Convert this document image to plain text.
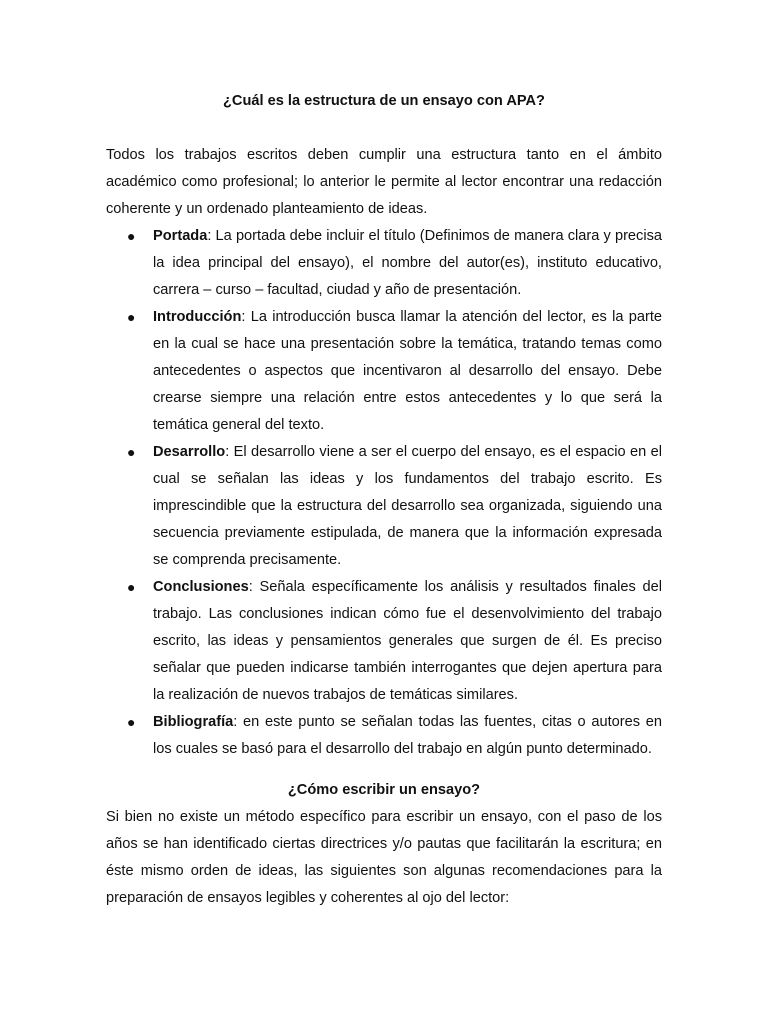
¿Cuál es la estructura de un ensayo con APA?

Todos los trabajos escritos deben cumplir una estructura tanto en el ámbito académico como profesional; lo anterior le permite al lector encontrar una redacción coherente y un ordenado planteamiento de ideas.

● Portada: La portada debe incluir el título (Definimos de manera clara y precisa la idea principal del ensayo), el nombre del autor(es), instituto educativo, carrera – curso – facultad, ciudad y año de presentación.
● Introducción: La introducción busca llamar la atención del lector, es la parte en la cual se hace una presentación sobre la temática, tratando temas como antecedentes o aspectos que incentivaron al desarrollo del ensayo. Debe crearse siempre una relación entre estos antecedentes y lo que será la temática general del texto.
● Desarrollo: El desarrollo viene a ser el cuerpo del ensayo, es el espacio en el cual se señalan las ideas y los fundamentos del trabajo escrito. Es imprescindible que la estructura del desarrollo sea organizada, siguiendo una secuencia previamente estipulada, de manera que la información expresada se comprenda precisamente.
● Conclusiones: Señala específicamente los análisis y resultados finales del trabajo. Las conclusiones indican cómo fue el desenvolvimiento del trabajo escrito, las ideas y pensamientos generales que surgen de él. Es preciso señalar que pueden indicarse también interrogantes que dejen apertura para la realización de nuevos trabajos de temáticas similares.
● Bibliografía: en este punto se señalan todas las fuentes, citas o autores en los cuales se basó para el desarrollo del trabajo en algún punto determinado.

¿Cómo escribir un ensayo?

Si bien no existe un método específico para escribir un ensayo, con el paso de los años se han identificado ciertas directrices y/o pautas que facilitarán la escritura; en éste mismo orden de ideas, las siguientes son algunas recomendaciones para la preparación de ensayos legibles y coherentes al ojo del lector:
